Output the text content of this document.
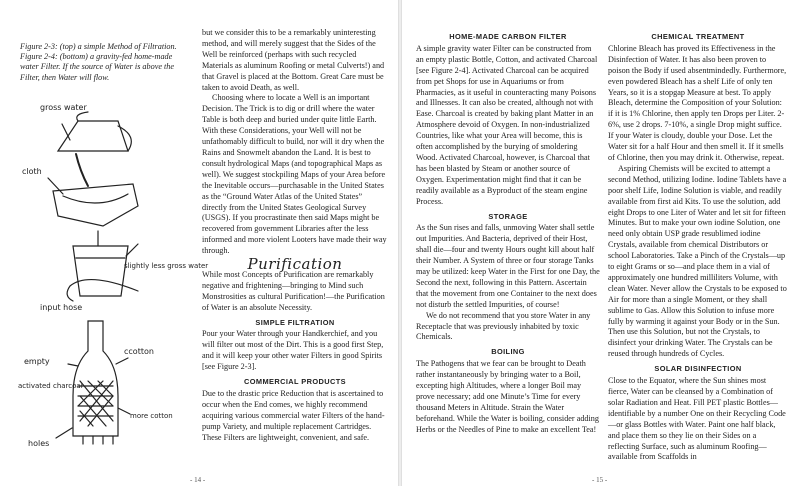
Figure 2-3: (top) a simple Method of Filtration. Figure 2-4: (bottom) a gravity-fed home-made water Filter. If the source of Water is above the Filter, then Water will flow.

gross water
cloth
slightly less gross water
input hose
empty
activated charcoal
ccotton
more cotton
holes

but we consider this to be a remarkably uninteresting method, and will merely suggest that the Sides of the Well be reinforced (perhaps with such recycled Materials as aluminum Roofing or metal Culverts!) and that Gravel is placed at the Bottom. Great Care must be taken to avoid Death, as well.

Choosing where to locate a Well is an important Decision. The Trick is to dig or drill where the water Table is both deep and buried under quite little Earth. With these Considerations, your Well will not be unfathomably difficult to build, nor will it dry when the Rains and Snowmelt abandon the Land. It is best to consult hydrological Maps (and topographical Maps as well). We suggest stockpiling Maps of your Area before the Inevitable occurs—purchasable in the United States as the “Ground Water Atlas of the United States” directly from the United States Geological Survey (USGS). If you procrastinate then said Maps might be recovered from government Libraries after the less informed and more violent Looters have made their way through.

Purification

While most Concepts of Purification are remarkably negative and frightening—bringing to Mind such Monstrosities as cultural Purification!—the Purification of Water is an absolute Necessity.

SIMPLE FILTRATION

Pour your Water through your Handkerchief, and you will filter out most of the Dirt. This is a good first Step, and it will keep your other water Filters in good Spirits [see Figure 2-3].

COMMERCIAL PRODUCTS

Due to the drastic price Reduction that is ascertained to occur when the End comes, we highly recommend acquiring various commercial water Filters of the hand-pump Variety, and multiple replacement Cartridges. These Filters are lightweight, convenient, and safe.

- 14 -
HOME-MADE CARBON FILTER

A simple gravity water Filter can be constructed from an empty plastic Bottle, Cotton, and activated Charcoal [see Figure 2-4]. Activated Charcoal can be acquired from pet Shops for use in Aquariums or from Pharmacies, as it useful in counteracting many Poisons and Illnesses. It can also be created, although not with Ease. Charcoal is created by baking plant Matter in an Atmosphere devoid of Oxygen. In non-industrialized Countries, like what your Area will become, this is often accomplished by the burying of smoldering Wood. Activated Charcoal, however, is Charcoal that has been blasted by Steam or another source of Oxygen. Experimentation might find that it can be readily available as a Byproduct of the steam engine Process.

STORAGE

As the Sun rises and falls, unmoving Water shall settle out Impurities. And Bacteria, deprived of their Host, shall die—four and twenty Hours ought kill about half their Number. A System of three or four storage Tanks may be utilized: keep Water in the First for one Day, the Second the next, following in this Pattern. Ascertain that the movement from one Container to the next does not disturb the settled Impurities, of course!

We do not recommend that you store Water in any Receptacle that was previously inhabited by toxic Chemicals.

BOILING

The Pathogens that we fear can be brought to Death rather instantaneously by bringing water to a Boil, excepting high Altitudes, where a longer Boil may prove necessary; add one Minute’s Time for every thousand Meters in Altitude. Strain the Water beforehand. While the Water is boiling, consider adding Herbs or the Needles of Pine to make an excellent Tea!

CHEMICAL TREATMENT

Chlorine Bleach has proved its Effectiveness in the Disinfection of Water. It has also been proven to poison the Body if used absentmindedly. Furthermore, even powdered Bleach has a shelf Life of only ten Years, so it is a stopgap Measure at best. To apply Bleach, determine the Composition of your Solution: if it is 1% Chlorine, then apply ten Drops per Liter. 2-6%, use 2 drops. 7-10%, a single Drop might suffice. If your Water is cloudy, double your Dose. Let the Water sit for a half Hour and then smell it. If it smells of Chlorine, then you may drink it. Otherwise, repeat.

Aspiring Chemists will be excited to attempt a second Method, utilizing Iodine. Iodine Tablets have a poor shelf Life, Iodine Solution is viable, and readily available from first aid Kits. To use the solution, add eight Drops to one Liter of Water and let sit for fifteen Minutes. But to make your own iodine Solution, one need only obtain USP grade resublimed iodine Crystals, available from chemical Distributors or school Laboratories. Take a Pinch of the Crystals—up to eight Grams or so—and place them in a vial of approximately one hundred milliliters Volume, with clean Water. Never allow the Crystals to be exposed to Air for more than a single Moment, or they shall sublime to Gas. Allow this Solution to infuse more fully by warming it against your Body or in the Sun. Then use this Solution, but not the Crystals, to disinfect your drinking Water. The Crystals can be reused through hundreds of Cycles.

SOLAR DISINFECTION

Close to the Equator, where the Sun shines most fierce, Water can be cleansed by a Combination of solar Radiation and Heat. Fill PET plastic Bottles—identifiable by a number One on their Recycling Code—or glass Bottles with Water. Paint one half black, and place them so they lie on their Sides on a reflecting Surface, such as aluminum Roofing—available from Scaffolds in

- 15 -
